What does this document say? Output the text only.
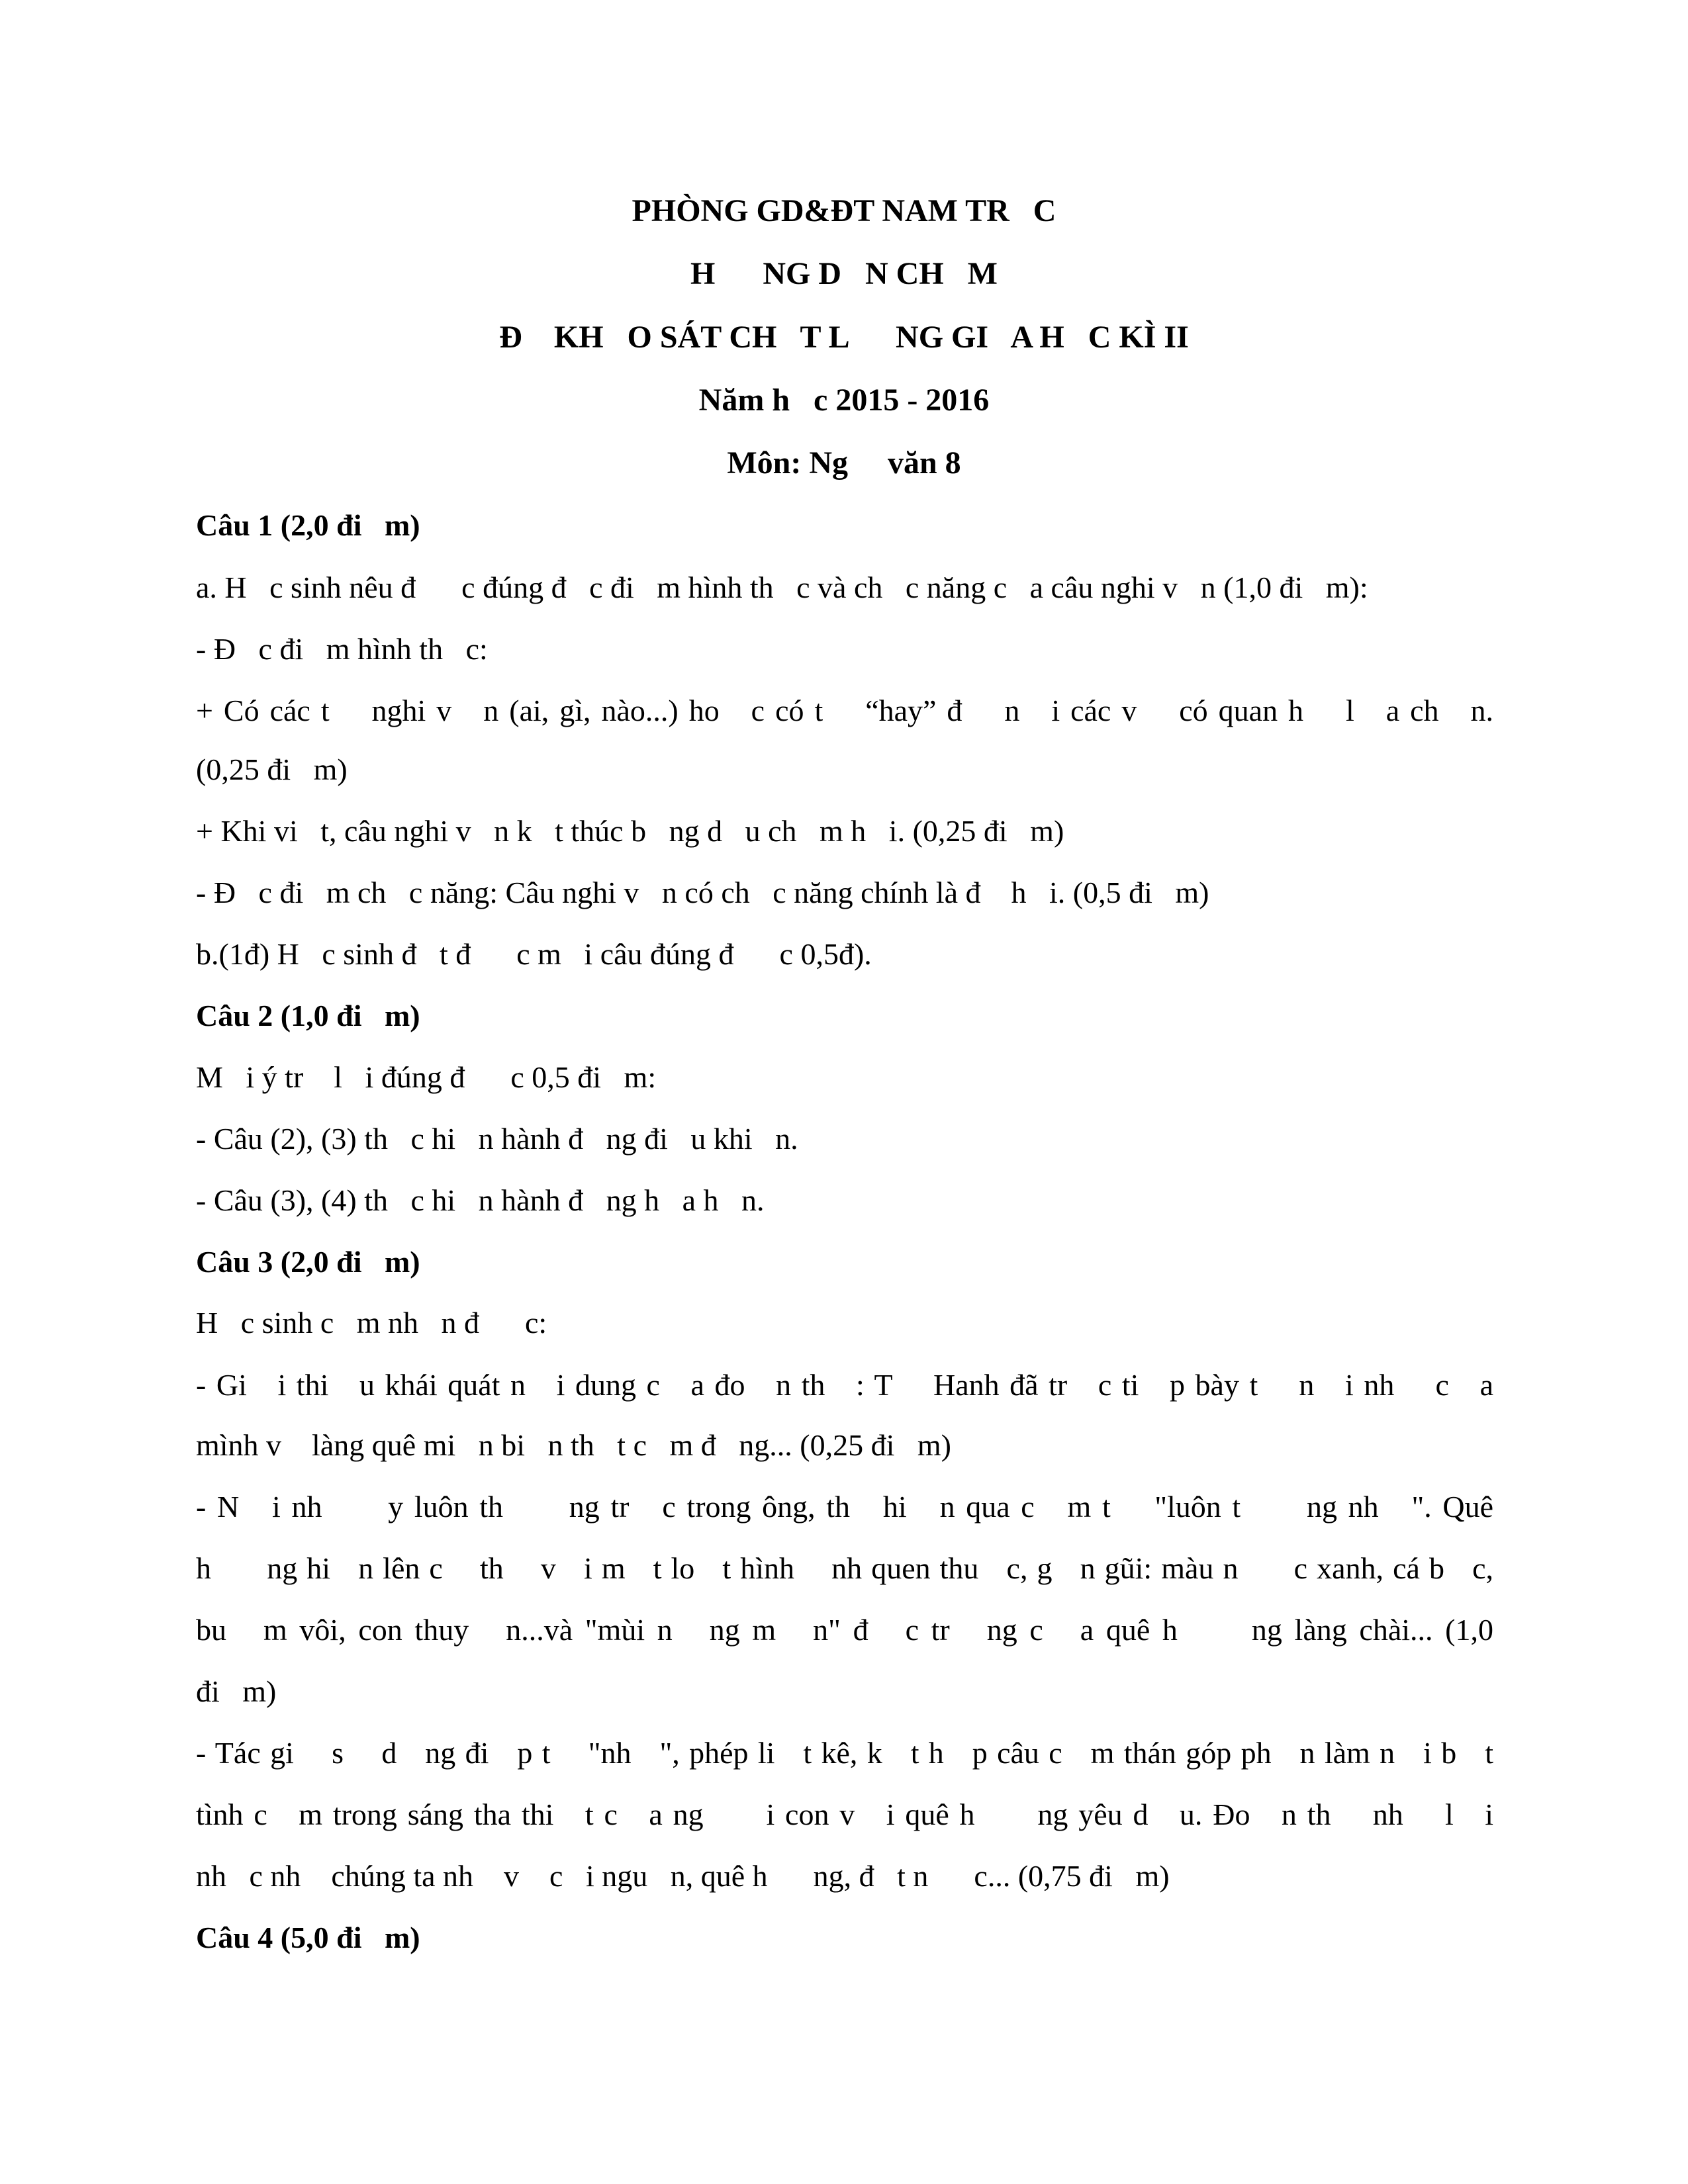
PHÒNG GD&ĐT NAM TR   C
H      NG D   N CH   M
Đ    KH   O SÁT CH   T L      NG GI   A H   C KÌ II
Năm h   c 2015 - 2016
Môn: Ng     văn 8
Câu 1 (2,0 đi   m)
a. H   c sinh nêu đ      c đúng đ   c đi   m hình th   c và ch   c năng c   a câu nghi v   n (1,0 đi   m):
- Đ   c đi   m hình th   c:
+ Có các t    nghi v   n (ai, gì, nào...) ho   c có t    “hay” đ    n   i các v    có quan h    l   a ch   n.
(0,25 đi   m)
+ Khi vi   t, câu nghi v   n k   t thúc b   ng d   u ch   m h   i. (0,25 đi   m)
- Đ   c đi   m ch   c năng: Câu nghi v   n có ch   c năng chính là đ    h   i. (0,5 đi   m)
b.(1đ) H   c sinh đ   t đ      c m   i câu đúng đ      c 0,5đ).
Câu 2 (1,0 đi   m)
M   i ý tr    l   i đúng đ      c 0,5 đi   m:
- Câu (2), (3) th   c hi   n hành đ   ng đi   u khi   n.
- Câu (3), (4) th   c hi   n hành đ   ng h   a h   n.
Câu 3 (2,0 đi   m)
H   c sinh c   m nh   n đ      c:
- Gi   i thi   u khái quát n   i dung c   a đo   n th   : T    Hanh đã tr   c ti   p bày t    n   i nh    c   a
mình v    làng quê mi   n bi   n th   t c   m đ   ng... (0,25 đi   m)
- N   i nh      y luôn th      ng tr   c trong ông, th   hi   n qua c   m t    "luôn t      ng nh   ". Quê
h      ng hi   n lên c    th    v   i m   t lo   t hình    nh quen thu   c, g   n gũi: màu n      c xanh, cá b   c,
bu   m vôi, con thuy   n...và "mùi n   ng m   n" đ   c tr   ng c   a quê h      ng làng chài... (1,0
đi   m)
- Tác gi    s    d   ng đi   p t    "nh   ", phép li   t kê, k   t h   p câu c   m thán góp ph   n làm n   i b   t
tình c   m trong sáng tha thi   t c   a ng      i con v   i quê h      ng yêu d   u. Đo   n th    nh    l   i
nh   c nh    chúng ta nh    v    c   i ngu   n, quê h      ng, đ   t n      c... (0,75 đi   m)
Câu 4 (5,0 đi   m)
